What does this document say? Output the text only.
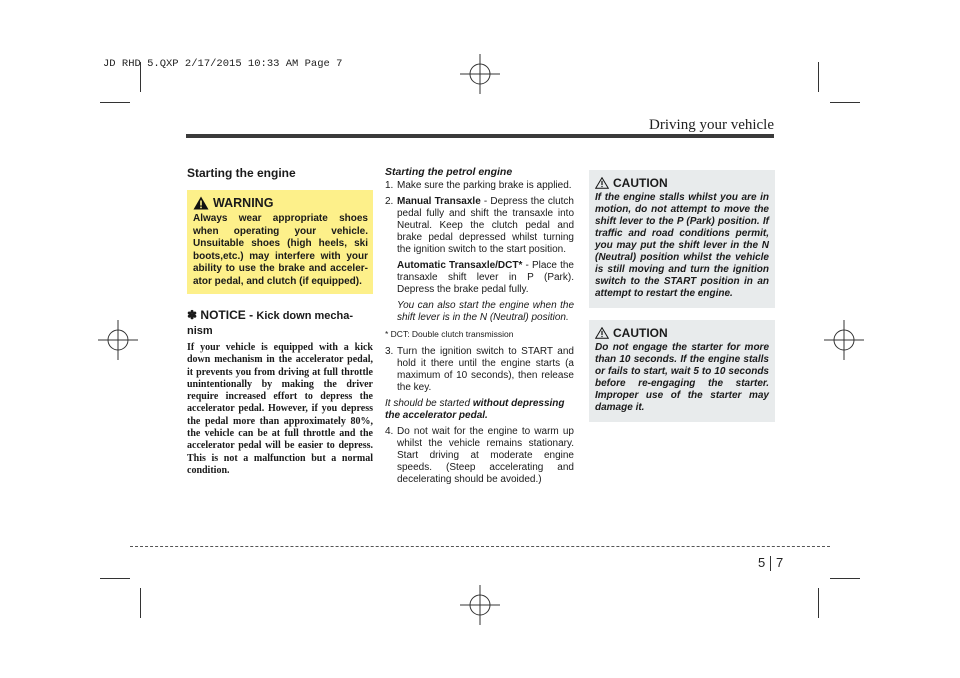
JD RHD 5.QXP 2/17/2015 10:33 AM Page 7
Driving your vehicle
Starting the engine
WARNING

Always wear appropriate shoes when operating your vehicle. Unsuitable shoes (high heels, ski boots,etc.) may interfere with your ability to use the brake and acceler-ator pedal, and clutch (if equipped).

✽ NOTICE - Kick down mecha-nism

If your vehicle is equipped with a kick down mechanism in the accelerator pedal, it prevents you from driving at full throttle unintentionally by making the driver require increased effort to depress the accelerator pedal. However, if you depress the pedal more than approximately 80%, the vehicle can be at full throttle and the accelerator pedal will be easier to depress. This is not a malfunction but a normal condition.

Starting the petrol engine
1. Make sure the parking brake is applied.
2. Manual Transaxle - Depress the clutch pedal fully and shift the transaxle into Neutral. Keep the clutch pedal and brake pedal depressed whilst turning the ignition switch to the start position.

Automatic Transaxle/DCT* - Place the transaxle shift lever in P (Park). Depress the brake pedal fully.

You can also start the engine when the shift lever is in the N (Neutral) position.

* DCT: Double clutch transmission

3. Turn the ignition switch to START and hold it there until the engine starts (a maximum of 10 seconds), then release the key.

It should be started without depressing the accelerator pedal.

4. Do not wait for the engine to warm up whilst the vehicle remains stationary. Start driving at moderate engine speeds. (Steep accelerating and decelerating should be avoided.)
CAUTION

If the engine stalls whilst you are in motion, do not attempt to move the shift lever to the P (Park) position. If traffic and road conditions permit, you may put the shift lever in the N (Neutral) position whilst the vehicle is still moving and turn the ignition switch to the START position in an attempt to restart the engine.

CAUTION

Do not engage the starter for more than 10 seconds. If the engine stalls or fails to start, wait 5 to 10 seconds before re-engaging the starter. Improper use of the starter may damage it.

5 7
